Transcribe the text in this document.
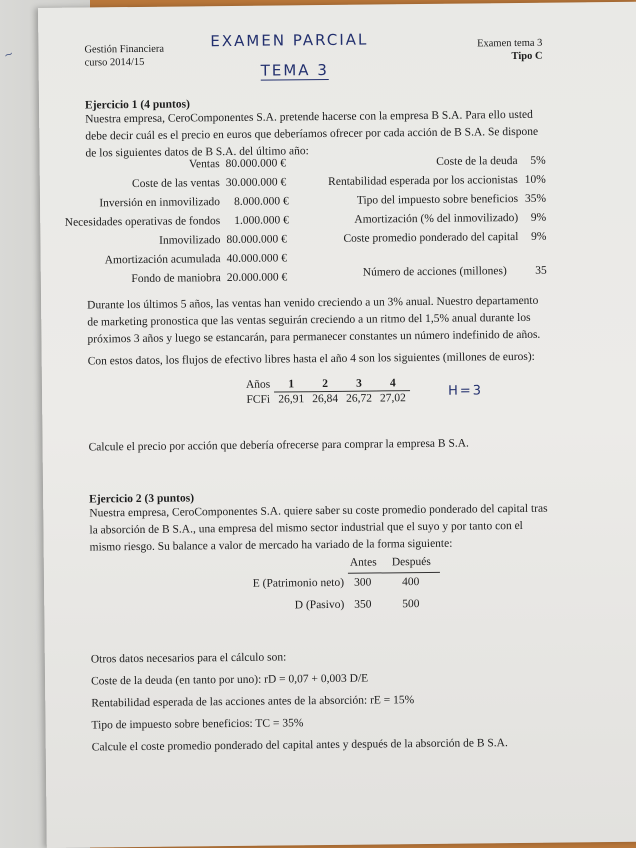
~	Gestión Financiera
curso 2014/15
Examen tema 3
Tipo C
EXAMEN PARCIAL
TEMA 3
Ejercicio 1 (4 puntos)
Nuestra empresa, CeroComponentes S.A. pretende hacerse con la empresa B S.A. Para ello usted
debe decir cuál es el precio en euros que deberíamos ofrecer por cada acción de B S.A. Se dispone
de los siguientes datos de B S.A. del último año:
Ventas 80.000.000 €
Coste de las ventas 30.000.000 €
Inversión en inmovilizado 8.000.000 €
Necesidades operativas de fondos 1.000.000 €
Inmovilizado 80.000.000 €
Amortización acumulada 40.000.000 €
Fondo de maniobra 20.000.000 €
Coste de la deuda 5%
Rentabilidad esperada por los accionistas 10%
Tipo del impuesto sobre beneficios 35%
Amortización (% del inmovilizado) 9%
Coste promedio ponderado del capital 9%
Número de acciones (millones) 35
Durante los últimos 5 años, las ventas han venido creciendo a un 3% anual. Nuestro departamento
de marketing pronostica que las ventas seguirán creciendo a un ritmo del 1,5% anual durante los
próximos 3 años y luego se estancarán, para permanecer constantes un número indefinido de años.
Con estos datos, los flujos de efectivo libres hasta el año 4 son los siguientes (millones de euros):
Años	1	2	3	4
FCFi	26,91	26,84	26,72	27,02	H=3
Calcule el precio por acción que debería ofrecerse para comprar la empresa B S.A.
Ejercicio 2 (3 puntos)
Nuestra empresa, CeroComponentes S.A. quiere saber su coste promedio ponderado del capital tras
la absorción de B S.A., una empresa del mismo sector industrial que el suyo y por tanto con el
mismo riesgo. Su balance a valor de mercado ha variado de la forma siguiente:
Antes Después
E (Patrimonio neto) 300	400
D (Pasivo) 350	500
Otros datos necesarios para el cálculo son:
Coste de la deuda (en tanto por uno): rD = 0,07 + 0,003 D/E
Rentabilidad esperada de las acciones antes de la absorción: rE = 15%
Tipo de impuesto sobre beneficios: TC = 35%
Calcule el coste promedio ponderado del capital antes y después de la absorción de B S.A.
